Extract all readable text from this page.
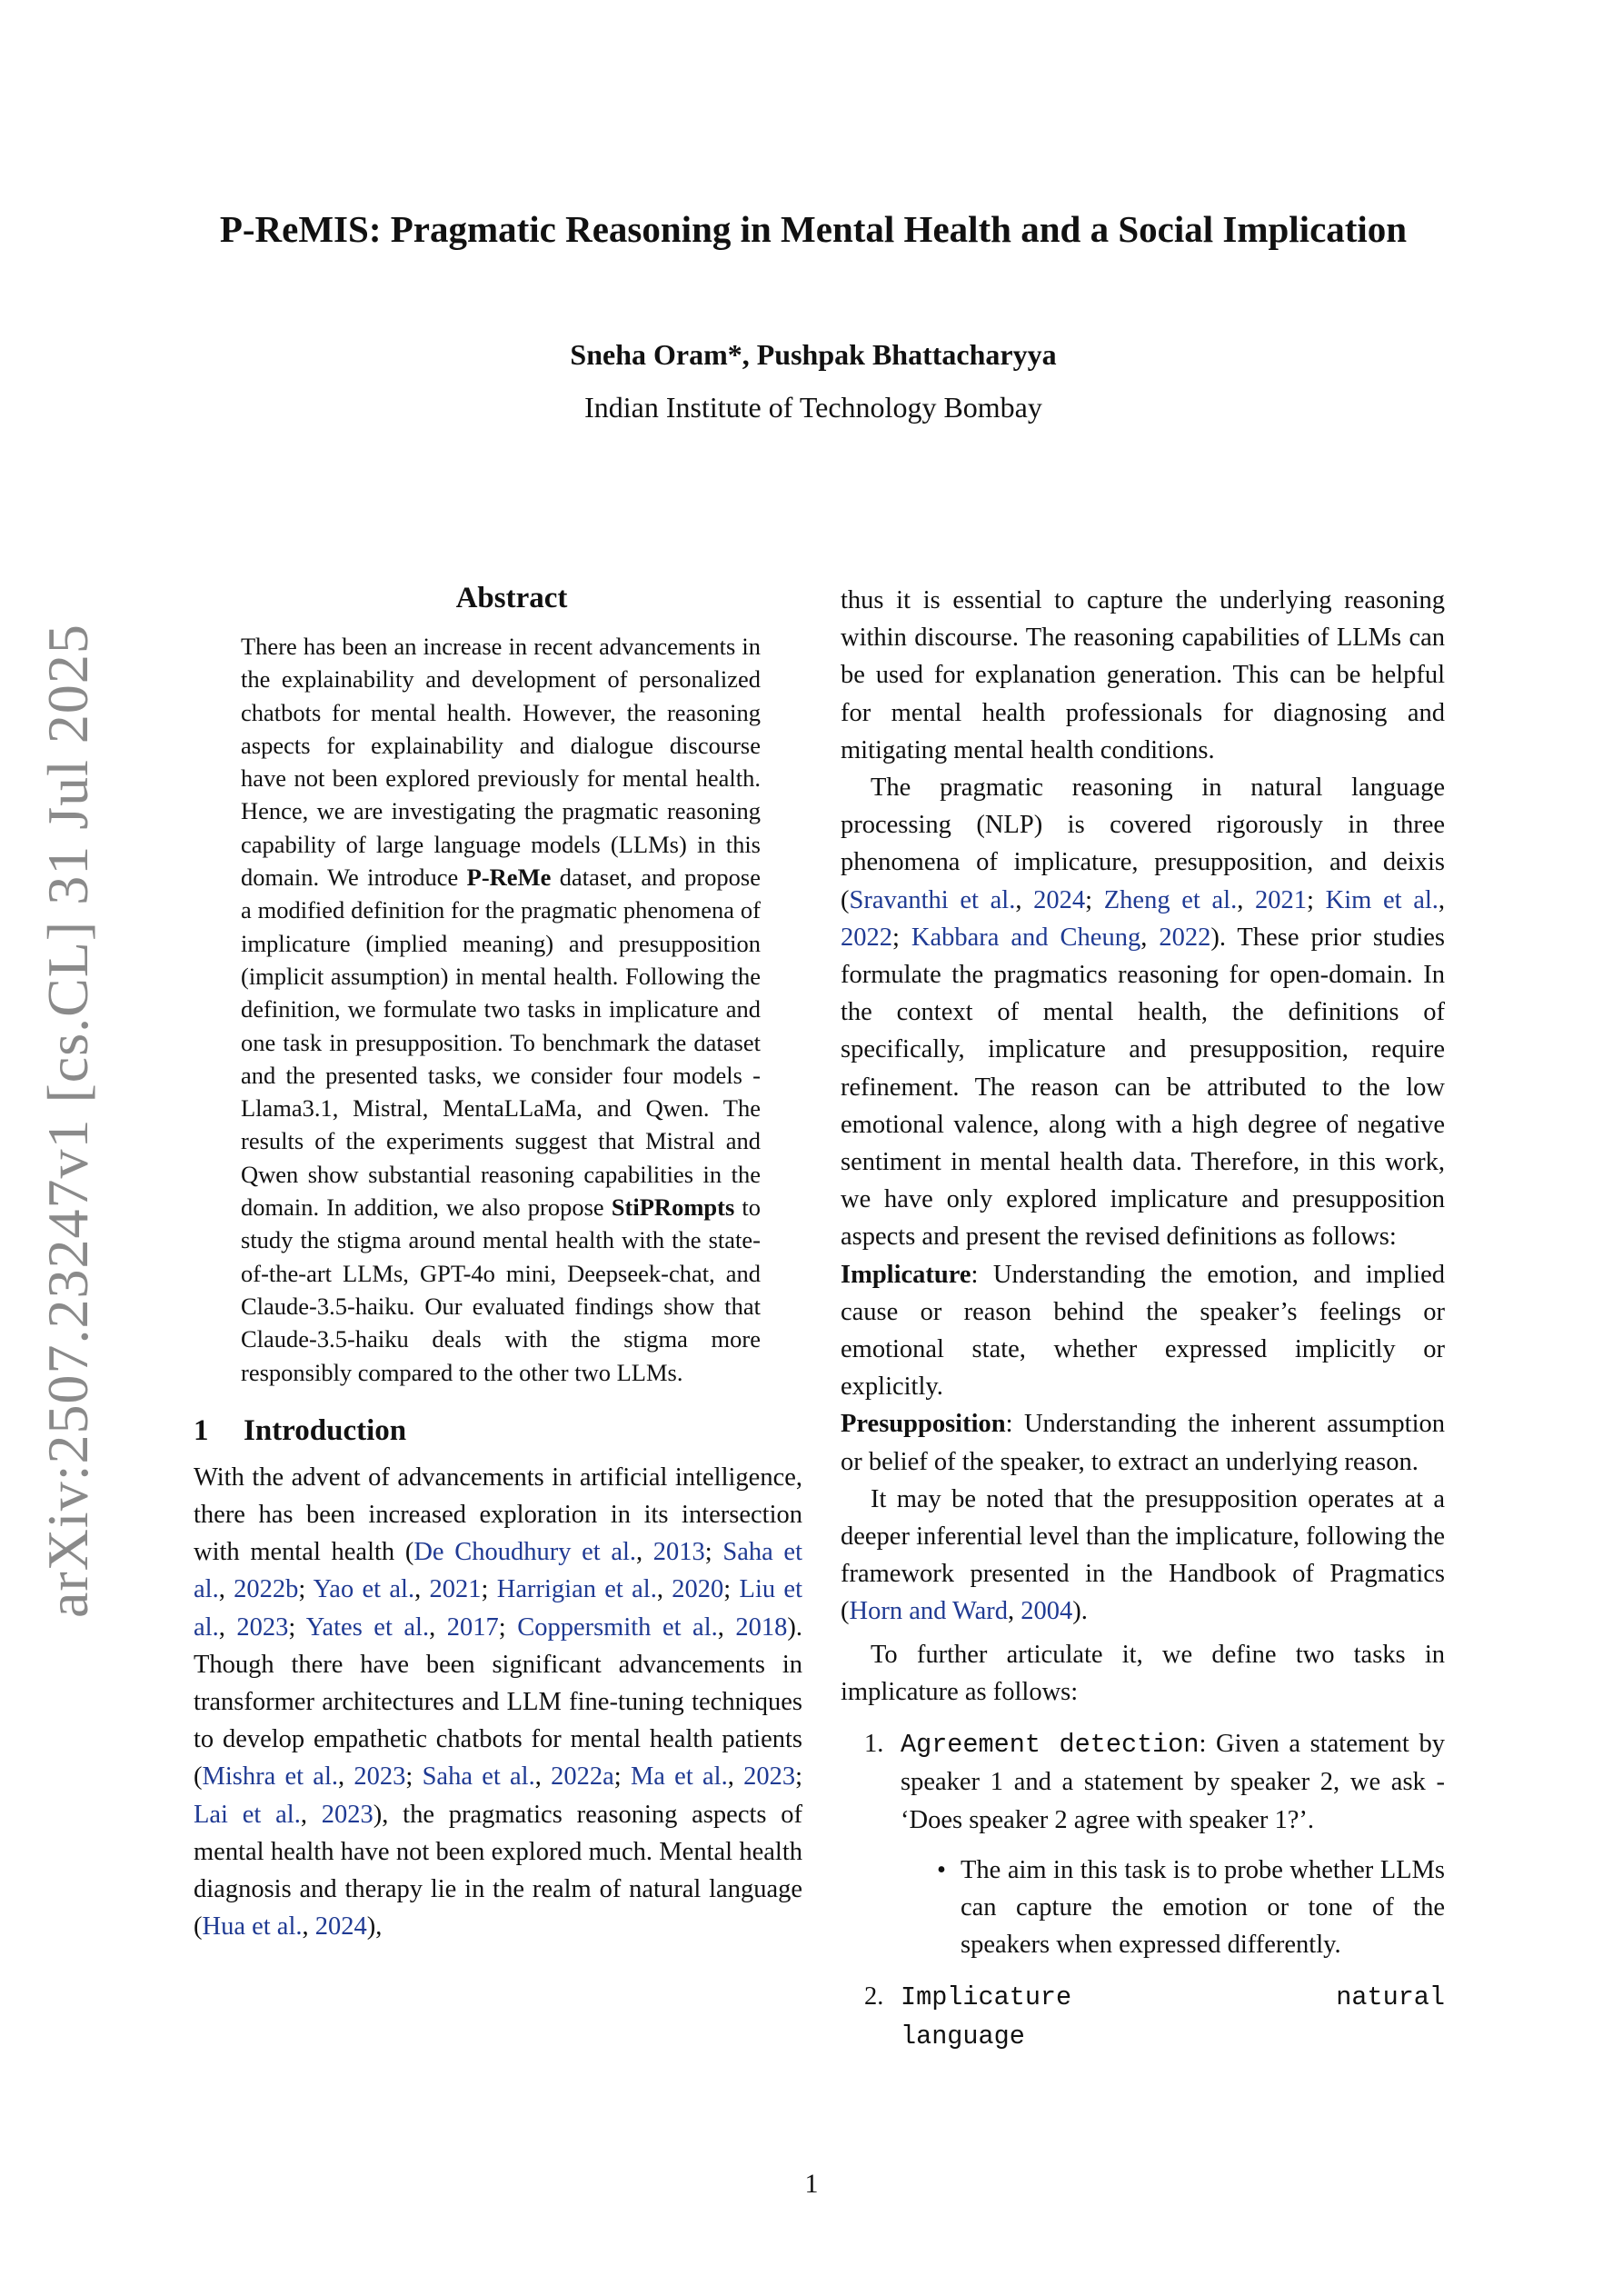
arXiv:2507.23247v1 [cs.CL] 31 Jul 2025
P-ReMIS: Pragmatic Reasoning in Mental Health and a Social Implication

Sneha Oram*, Pushpak Bhattacharyya

Indian Institute of Technology Bombay

Abstract

There has been an increase in recent advancements in the explainability and development of personalized chatbots for mental health. However, the reasoning aspects for explainability and dialogue discourse have not been explored previously for mental health. Hence, we are investigating the pragmatic reasoning capability of large language models (LLMs) in this domain. We introduce P-ReMe dataset, and propose a modified definition for the pragmatic phenomena of implicature (implied meaning) and presupposition (implicit assumption) in mental health. Following the definition, we formulate two tasks in implicature and one task in presupposition. To benchmark the dataset and the presented tasks, we consider four models - Llama3.1, Mistral, MentaLLaMa, and Qwen. The results of the experiments suggest that Mistral and Qwen show substantial reasoning capabilities in the domain. In addition, we also propose StiPRompts to study the stigma around mental health with the state-of-the-art LLMs, GPT-4o mini, Deepseek-chat, and Claude-3.5-haiku. Our evaluated findings show that Claude-3.5-haiku deals with the stigma more responsibly compared to the other two LLMs.

1 Introduction

With the advent of advancements in artificial intelligence, there has been increased exploration in its intersection with mental health (De Choudhury et al., 2013; Saha et al., 2022b; Yao et al., 2021; Harrigian et al., 2020; Liu et al., 2023; Yates et al., 2017; Coppersmith et al., 2018). Though there have been significant advancements in transformer architectures and LLM fine-tuning techniques to develop empathetic chatbots for mental health patients (Mishra et al., 2023; Saha et al., 2022a; Ma et al., 2023; Lai et al., 2023), the pragmatics reasoning aspects of mental health have not been explored much. Mental health diagnosis and therapy lie in the realm of natural language (Hua et al., 2024),

thus it is essential to capture the underlying reasoning within discourse. The reasoning capabilities of LLMs can be used for explanation generation. This can be helpful for mental health professionals for diagnosing and mitigating mental health conditions.

The pragmatic reasoning in natural language processing (NLP) is covered rigorously in three phenomena of implicature, presupposition, and deixis (Sravanthi et al., 2024; Zheng et al., 2021; Kim et al., 2022; Kabbara and Cheung, 2022). These prior studies formulate the pragmatics reasoning for open-domain. In the context of mental health, the definitions of specifically, implicature and presupposition, require refinement. The reason can be attributed to the low emotional valence, along with a high degree of negative sentiment in mental health data. Therefore, in this work, we have only explored implicature and presupposition aspects and present the revised definitions as follows:

Implicature: Understanding the emotion, and implied cause or reason behind the speaker’s feelings or emotional state, whether expressed implicitly or explicitly.

Presupposition: Understanding the inherent assumption or belief of the speaker, to extract an underlying reason.

It may be noted that the presupposition operates at a deeper inferential level than the implicature, following the framework presented in the Handbook of Pragmatics (Horn and Ward, 2004).

To further articulate it, we define two tasks in implicature as follows:

1. Agreement detection: Given a statement by speaker 1 and a statement by speaker 2, we ask - ‘Does speaker 2 agree with speaker 1?’.
• The aim in this task is to probe whether LLMs can capture the emotion or tone of the speakers when expressed differently.
2. Implicature natural language
1
